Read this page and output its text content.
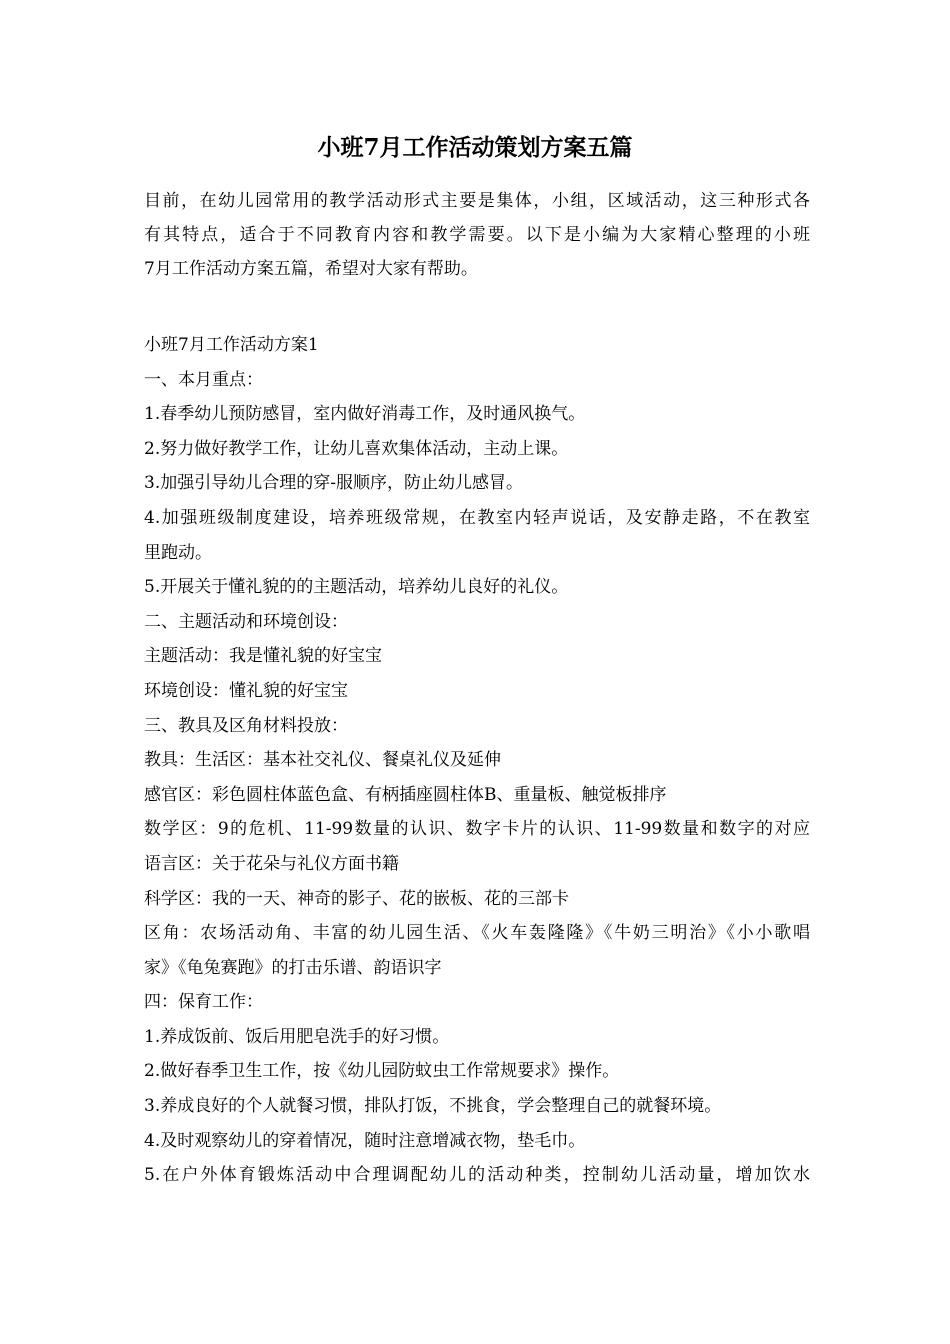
小班7月工作活动策划方案五篇
目前，在幼儿园常用的教学活动形式主要是集体，小组，区域活动，这三种形式各
有其特点，适合于不同教育内容和教学需要。以下是小编为大家精心整理的小班
7月工作活动方案五篇，希望对大家有帮助。
小班7月工作活动方案1
一、本月重点：
1.春季幼儿预防感冒，室内做好消毒工作，及时通风换气。
2.努力做好教学工作，让幼儿喜欢集体活动，主动上课。
3.加强引导幼儿合理的穿-服顺序，防止幼儿感冒。
4.加强班级制度建设，培养班级常规，在教室内轻声说话，及安静走路，不在教室
里跑动。
5.开展关于懂礼貌的的主题活动，培养幼儿良好的礼仪。
二、主题活动和环境创设：
主题活动：我是懂礼貌的好宝宝
环境创设：懂礼貌的好宝宝
三、教具及区角材料投放：
教具：生活区：基本社交礼仪、餐桌礼仪及延伸
感官区：彩色圆柱体蓝色盒、有柄插座圆柱体B、重量板、触觉板排序
数学区：9的危机、11-99数量的认识、数字卡片的认识、11-99数量和数字的对应
语言区：关于花朵与礼仪方面书籍
科学区：我的一天、神奇的影子、花的嵌板、花的三部卡
区角：农场活动角、丰富的幼儿园生活、《火车轰隆隆》《牛奶三明治》《小小歌唱
家》《龟兔赛跑》的打击乐谱、韵语识字
四：保育工作：
1.养成饭前、饭后用肥皂洗手的好习惯。
2.做好春季卫生工作，按《幼儿园防蚊虫工作常规要求》操作。
3.养成良好的个人就餐习惯，排队打饭，不挑食，学会整理自己的就餐环境。
4.及时观察幼儿的穿着情况，随时注意增减衣物，垫毛巾。
5.在户外体育锻炼活动中合理调配幼儿的活动种类，控制幼儿活动量，增加饮水
